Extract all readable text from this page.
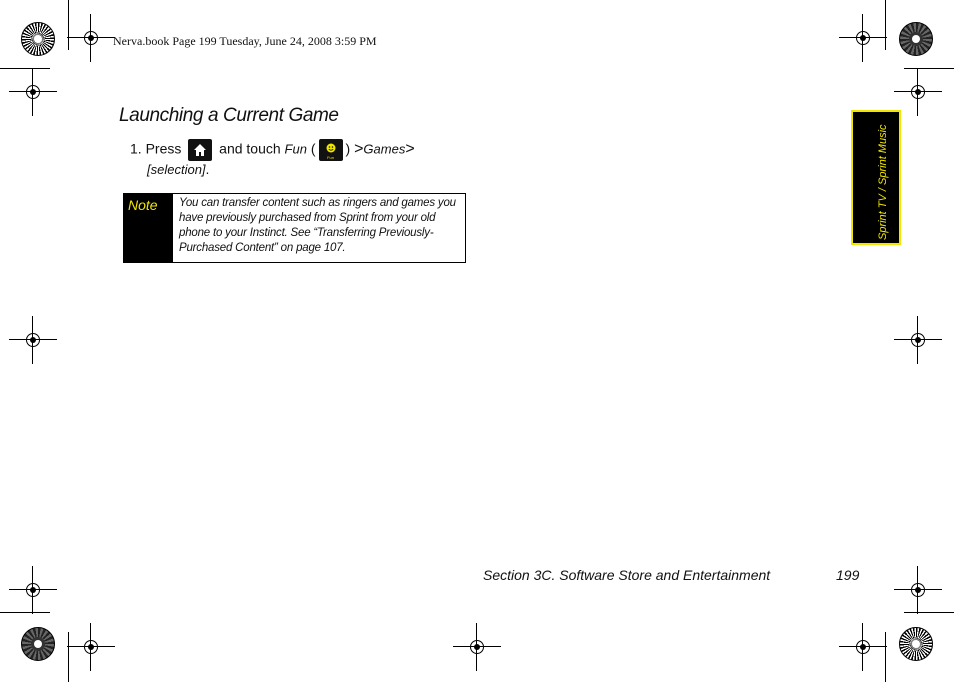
Nerva.book Page 199 Tuesday, June 24, 2008 3:59 PM
Launching a Current Game
1. Press	and touch Fun (
Fun
) >Games>
[selection].
Note	You can transfer content such as ringers and games you have previously purchased from Sprint from your old phone to your Instinct. See “Transferring Previously-Purchased Content” on page 107.
Sprint TV / Sprint Music
Section 3C. Software Store and Entertainment	199
